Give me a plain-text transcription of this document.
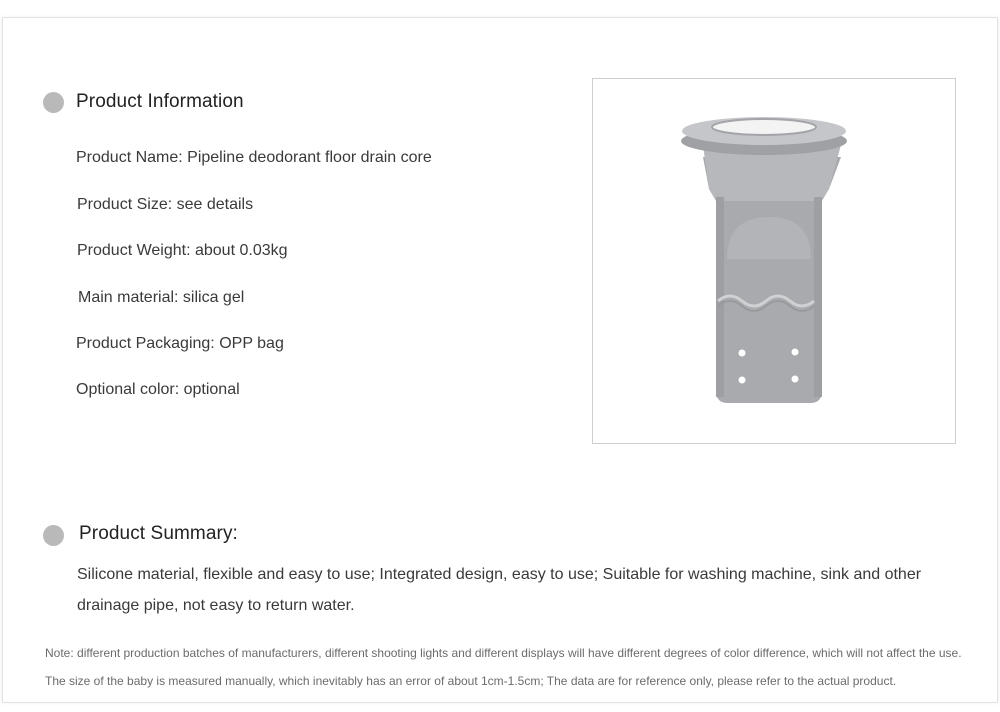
Product Information
Product Name: Pipeline deodorant floor drain core
Product Size: see details
Product Weight: about 0.03kg
Main material: silica gel
Product Packaging: OPP bag
Optional color: optional
Product Summary:
Silicone material, flexible and easy to use; Integrated design, easy to use; Suitable for washing machine, sink and other drainage pipe, not easy to return water.
Note: different production batches of manufacturers, different shooting lights and different displays will have different degrees of color difference, which will not affect the use.
The size of the baby is measured manually, which inevitably has an error of about 1cm-1.5cm; The data are for reference only, please refer to the actual product.
